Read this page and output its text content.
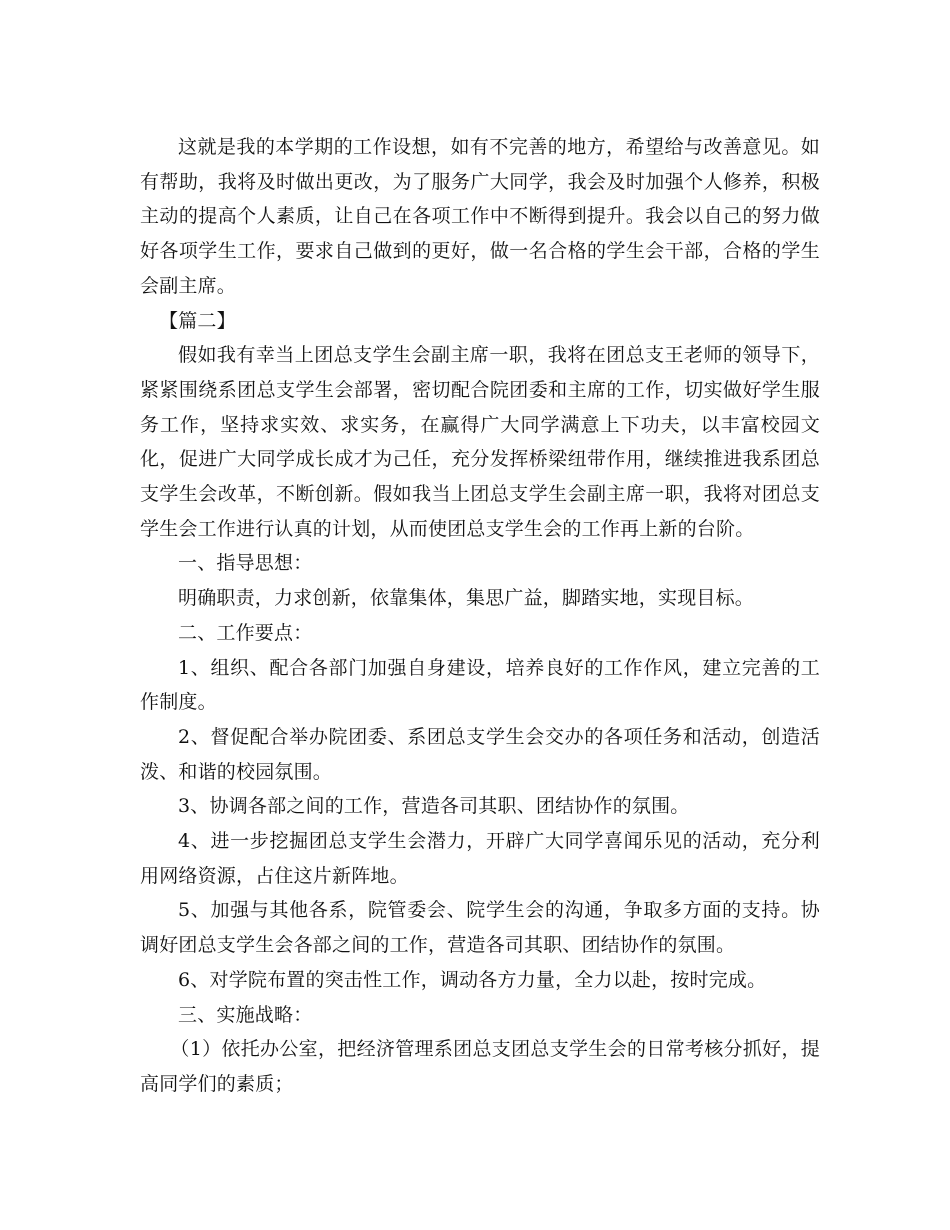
这就是我的本学期的工作设想，如有不完善的地方，希望给与改善意见。如有帮助，我将及时做出更改，为了服务广大同学，我会及时加强个人修养，积极主动的提高个人素质，让自己在各项工作中不断得到提升。我会以自己的努力做好各项学生工作，要求自己做到的更好，做一名合格的学生会干部，合格的学生会副主席。

【篇二】

假如我有幸当上团总支学生会副主席一职，我将在团总支王老师的领导下，紧紧围绕系团总支学生会部署，密切配合院团委和主席的工作，切实做好学生服务工作，坚持求实效、求实务，在赢得广大同学满意上下功夫，以丰富校园文化，促进广大同学成长成才为己任，充分发挥桥梁纽带作用，继续推进我系团总支学生会改革，不断创新。假如我当上团总支学生会副主席一职，我将对团总支学生会工作进行认真的计划，从而使团总支学生会的工作再上新的台阶。

一、指导思想：

明确职责，力求创新，依靠集体，集思广益，脚踏实地，实现目标。

二、工作要点：

1、组织、配合各部门加强自身建设，培养良好的工作作风，建立完善的工作制度。

2、督促配合举办院团委、系团总支学生会交办的各项任务和活动，创造活泼、和谐的校园氛围。

3、协调各部之间的工作，营造各司其职、团结协作的氛围。

4、进一步挖掘团总支学生会潜力，开辟广大同学喜闻乐见的活动，充分利用网络资源，占住这片新阵地。

5、加强与其他各系，院管委会、院学生会的沟通，争取多方面的支持。协调好团总支学生会各部之间的工作，营造各司其职、团结协作的氛围。

6、对学院布置的突击性工作，调动各方力量，全力以赴，按时完成。

三、实施战略：

（1）依托办公室，把经济管理系团总支团总支学生会的日常考核分抓好，提高同学们的素质；
